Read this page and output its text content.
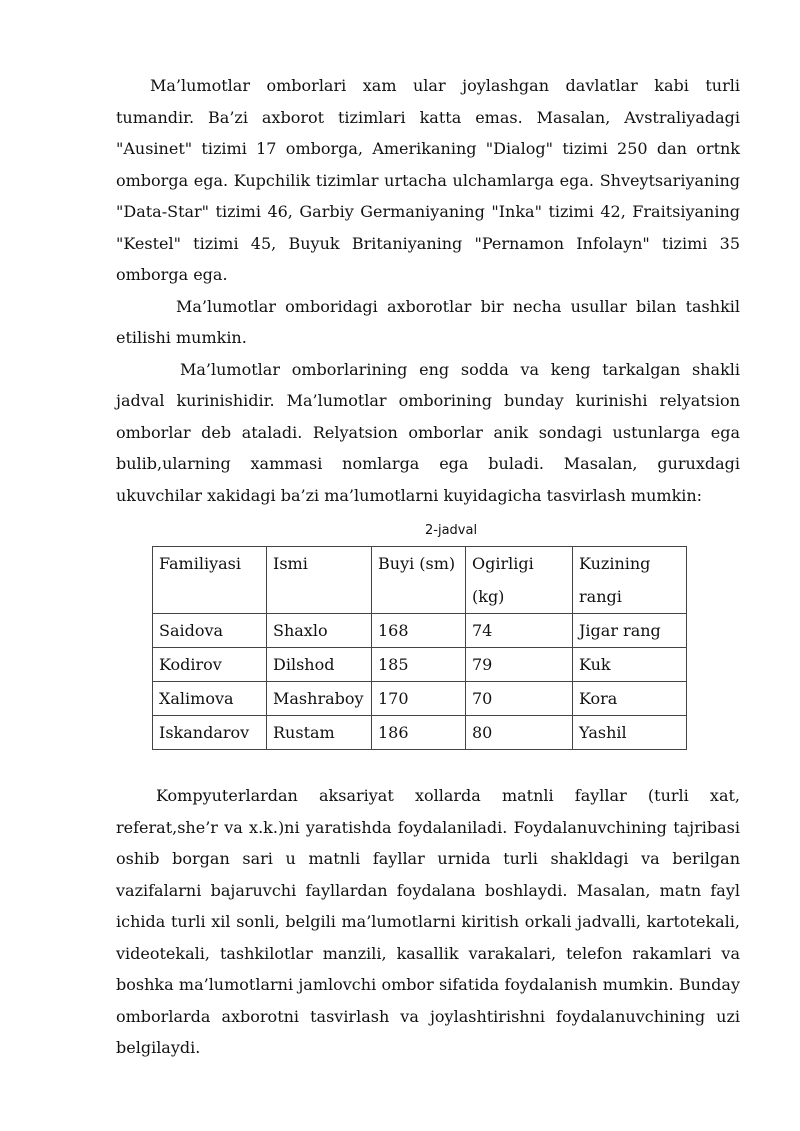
Ma’lumotlar omborlari xam ular joylashgan davlatlar kabi turli tumandir. Ba’zi axborot tizimlari katta emas. Masalan, Avstraliyadagi "Ausinet" tizimi 17 omborga, Amerikaning "Dialog" tizimi 250 dan ortnk omborga ega. Kupchilik tizimlar urtacha ulchamlarga ega. Shveytsariyaning "Data-Star" tizimi 46, Garbiy Germaniyaning "Inka" tizimi 42, Fraitsiyaning "Kestel" tizimi 45, Buyuk Britaniyaning "Pernamon Infolayn" tizimi 35 omborga ega.

Ma’lumotlar omboridagi axborotlar bir necha usullar bilan tashkil etilishi mumkin.

Ma’lumotlar omborlarining eng sodda va keng tarkalgan shakli jadval kurinishidir. Ma’lumotlar omborining bunday kurinishi relyatsion omborlar deb ataladi. Relyatsion omborlar anik sondagi ustunlarga ega bulib,ularning xammasi nomlarga ega buladi. Masalan, guruxdagi ukuvchilar xakidagi ba’zi ma’lumotlarni kuyidagicha tasvirlash mumkin:

2-jadval
Familiyasi	Ismi	Buyi (sm)	Ogirligi (kg)	Kuzining rangi
Saidova	Shaxlo	168	74	Jigar rang
Kodirov	Dilshod	185	79	Kuk
Xalimova	Mashraboy	170	70	Kora
Iskandarov	Rustam	186	80	Yashil

Kompyuterlardan aksariyat xollarda matnli fayllar (turli xat, referat,she’r va x.k.)ni yaratishda foydalaniladi. Foydalanuvchining tajribasi oshib borgan sari u matnli fayllar urnida turli shakldagi va berilgan vazifalarni bajaruvchi fayllardan foydalana boshlaydi. Masalan, matn fayl ichida turli xil sonli, belgili ma’lumotlarni kiritish orkali jadvalli, kartotekali, videotekali, tashkilotlar manzili, kasallik varakalari, telefon rakamlari va boshka ma’lumotlarni jamlovchi ombor sifatida foydalanish mumkin. Bunday omborlarda axborotni tasvirlash va joylashtirishni foydalanuvchining uzi belgilaydi.
